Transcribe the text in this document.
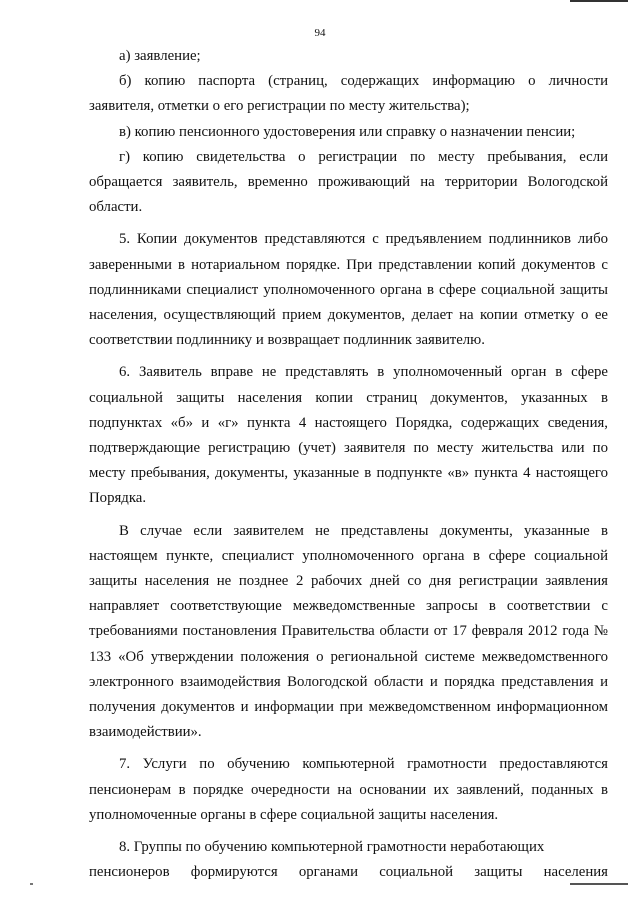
94

а) заявление;

б) копию паспорта (страниц, содержащих информацию о личности заявителя, отметки о его регистрации по месту жительства);

в) копию пенсионного удостоверения или справку о назначении пенсии;

г) копию свидетельства о регистрации по месту пребывания, если обращается заявитель, временно проживающий на территории Вологодской области.

5. Копии документов представляются с предъявлением подлинников либо заверенными в нотариальном порядке. При представлении копий документов с подлинниками специалист уполномоченного органа в сфере социальной защиты населения, осуществляющий прием документов, делает на копии отметку о ее соответствии подлиннику и возвращает подлинник заявителю.

6. Заявитель вправе не представлять в уполномоченный орган в сфере социальной защиты населения копии страниц документов, указанных в подпунктах «б» и «г» пункта 4 настоящего Порядка, содержащих сведения, подтверждающие регистрацию (учет) заявителя по месту жительства или по месту пребывания, документы, указанные в подпункте «в» пункта 4 настоящего Порядка.

В случае если заявителем не представлены документы, указанные в настоящем пункте, специалист уполномоченного органа в сфере социальной защиты населения не позднее 2 рабочих дней со дня регистрации заявления направляет соответствующие межведомственные запросы в соответствии с требованиями постановления Правительства области от 17 февраля 2012 года № 133 «Об утверждении положения о региональной системе межведомственного электронного взаимодействия Вологодской области и порядка представления и получения документов и информации при межведомственном информационном взаимодействии».

7. Услуги по обучению компьютерной грамотности предоставляются пенсионерам в порядке очередности на основании их заявлений, поданных в уполномоченные органы в сфере социальной защиты населения.

8. Группы по обучению компьютерной грамотности неработающих

пенсионеров формируются органами социальной защиты населения
